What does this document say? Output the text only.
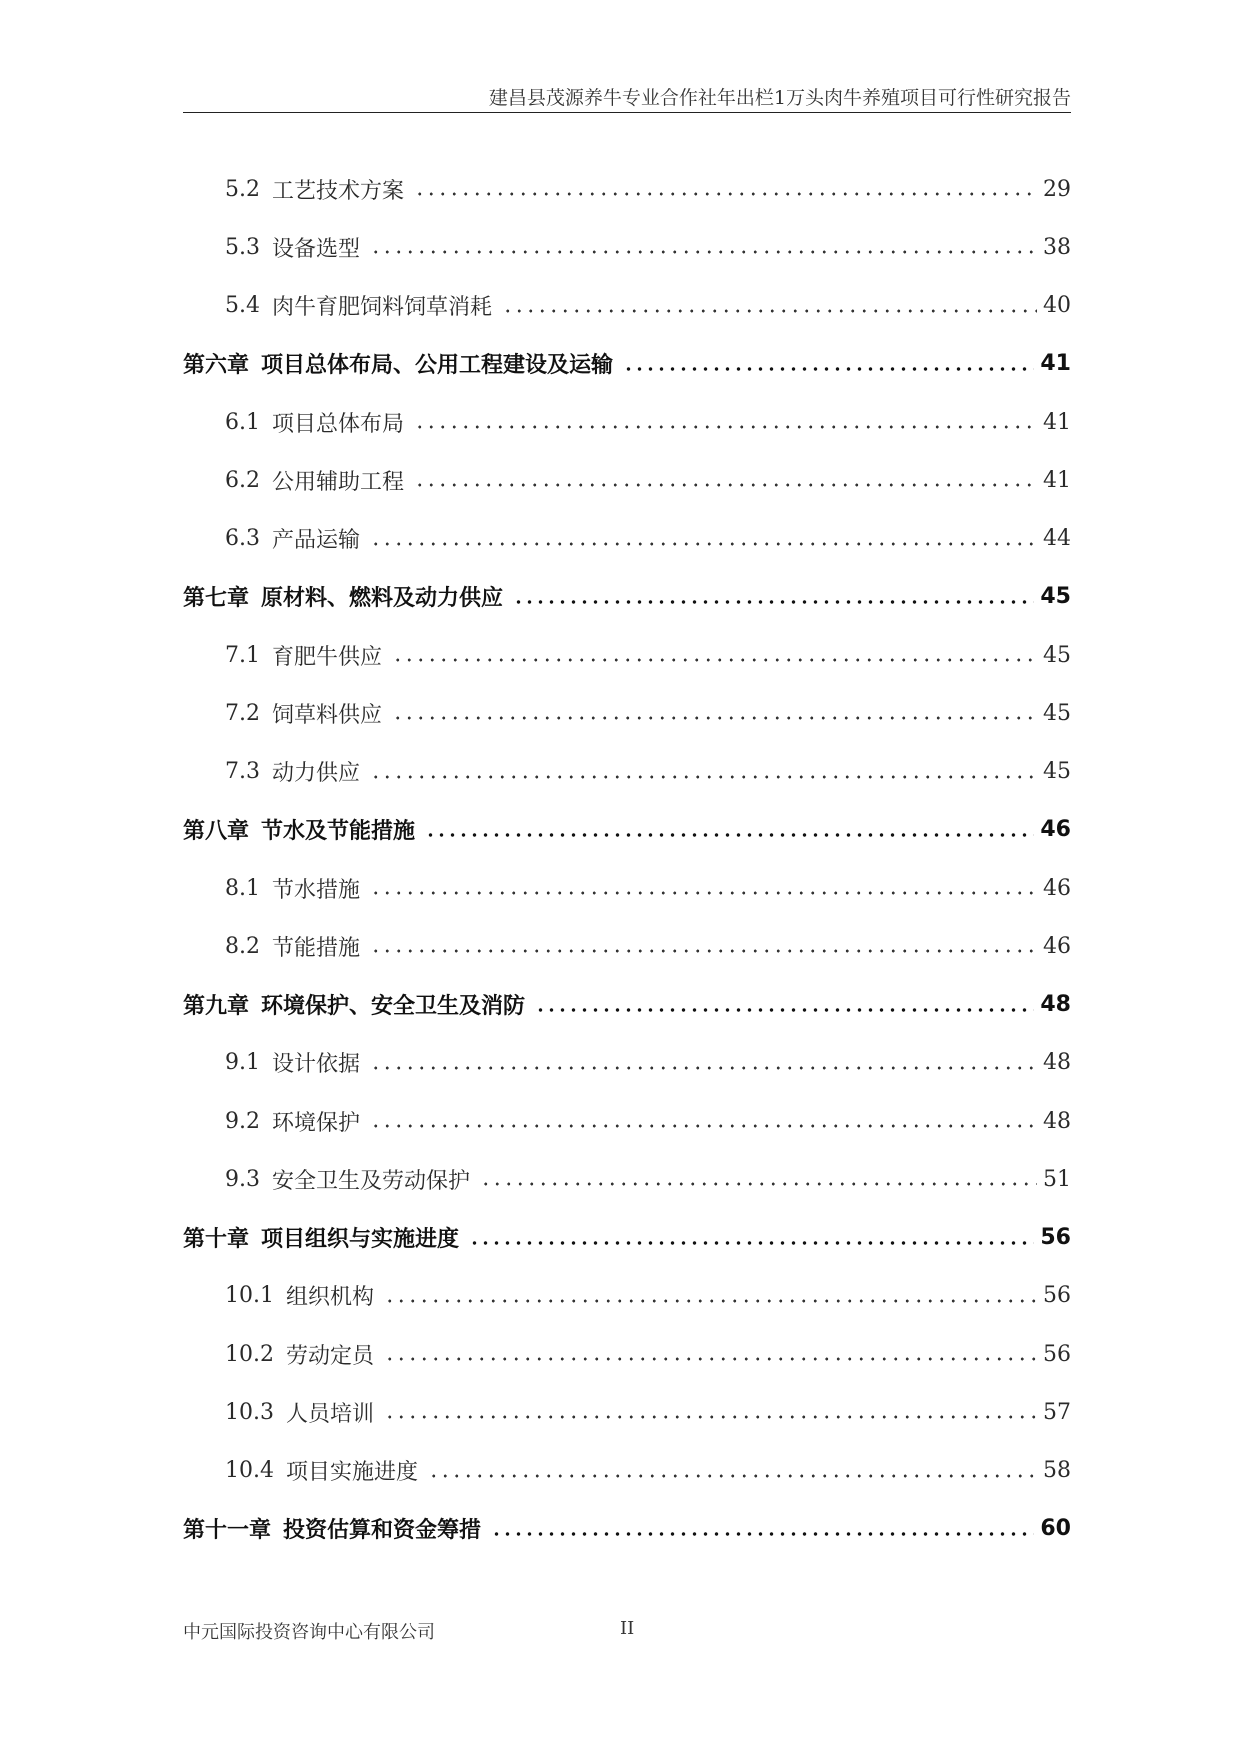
建昌县茂源养牛专业合作社年出栏1万头肉牛养殖项目可行性研究报告
5.2 工艺技术方案	29
5.3 设备选型	38
5.4 肉牛育肥饲料饲草消耗	40
第六章 项目总体布局、公用工程建设及运输	41
6.1 项目总体布局	41
6.2 公用辅助工程	41
6.3 产品运输	44
第七章 原材料、燃料及动力供应	45
7.1 育肥牛供应	45
7.2 饲草料供应	45
7.3 动力供应	45
第八章 节水及节能措施	46
8.1 节水措施	46
8.2 节能措施	46
第九章 环境保护、安全卫生及消防	48
9.1 设计依据	48
9.2 环境保护	48
9.3 安全卫生及劳动保护	51
第十章 项目组织与实施进度	56
10.1 组织机构	56
10.2 劳动定员	56
10.3 人员培训	57
10.4 项目实施进度	58
第十一章 投资估算和资金筹措	60
中元国际投资咨询中心有限公司	II
